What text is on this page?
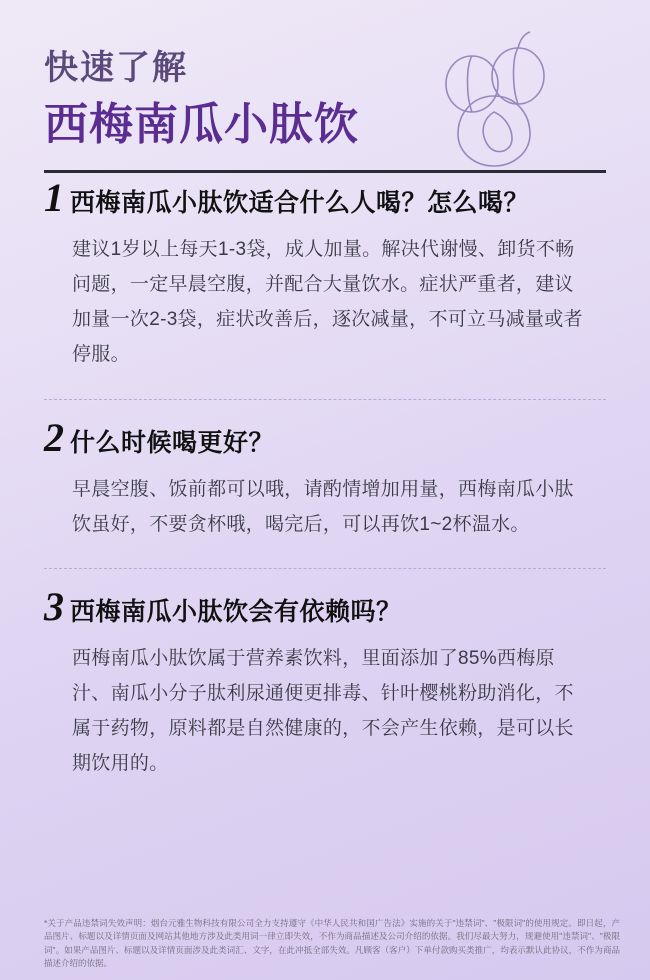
快速了解
西梅南瓜小肽饮
1 西梅南瓜小肽饮适合什么人喝？怎么喝？
建议1岁以上每天1-3袋，成人加量。解决代谢慢、卸货不畅问题，一定早晨空腹，并配合大量饮水。症状严重者，建议加量一次2-3袋，症状改善后，逐次减量，不可立马减量或者停服。
2 什么时候喝更好？
早晨空腹、饭前都可以哦，请酌情增加用量，西梅南瓜小肽饮虽好，不要贪杯哦，喝完后，可以再饮1~2杯温水。
3 西梅南瓜小肽饮会有依赖吗？
西梅南瓜小肽饮属于营养素饮料，里面添加了85%西梅原汁、南瓜小分子肽利尿通便更排毒、针叶樱桃粉助消化，不属于药物，原料都是自然健康的，不会产生依赖，是可以长期饮用的。
*关于产品违禁词失效声明：烟台元雅生物科技有限公司全力支持遵守《中华人民共和国广告法》实施的关于"违禁词"、"极限词"的使用规定。即日起，产品图片、标题以及详情页面及网站其他地方涉及此类用词一律立即失效，不作为商品描述及公司介绍的依据。我们尽最大努力，规避使用"违禁词"、"极限词"。如果产品图片、标题以及详情页面涉及此类词汇、文字，在此冲抵全部失效。凡顾客（客户）下单付款购买类推广，均表示默认此协议，不作为商品描述介绍的依据。
